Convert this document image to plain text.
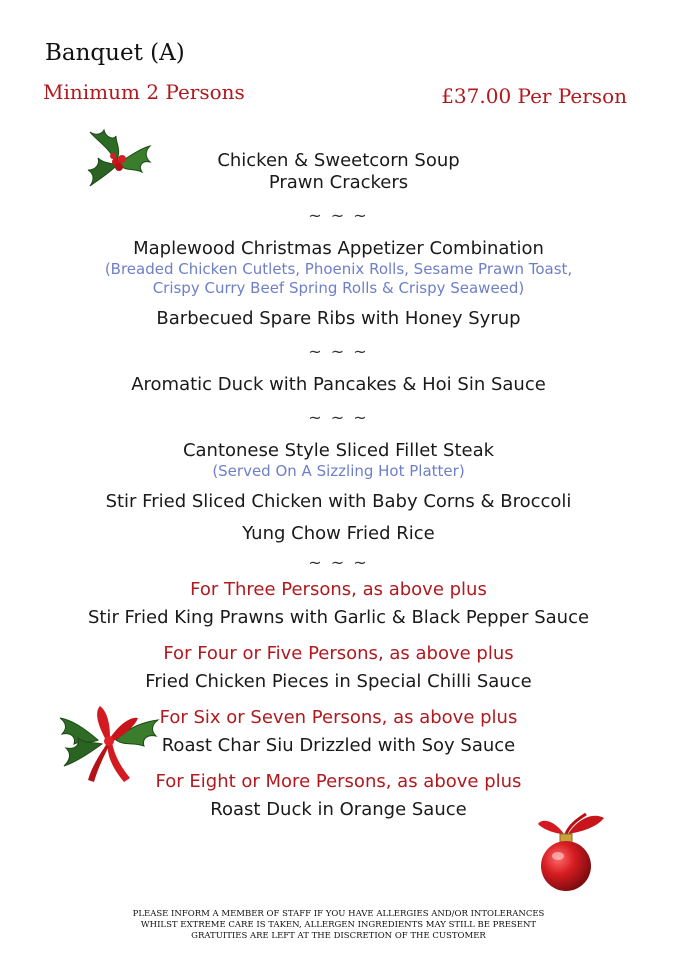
Banquet (A)
Minimum 2 Persons	£37.00 Per Person
Chicken & Sweetcorn Soup
Prawn Crackers
~ ~ ~
Maplewood Christmas Appetizer Combination
(Breaded Chicken Cutlets, Phoenix Rolls, Sesame Prawn Toast,
Crispy Curry Beef Spring Rolls & Crispy Seaweed)
Barbecued Spare Ribs with Honey Syrup
~ ~ ~
Aromatic Duck with Pancakes & Hoi Sin Sauce
~ ~ ~
Cantonese Style Sliced Fillet Steak
(Served On A Sizzling Hot Platter)
Stir Fried Sliced Chicken with Baby Corns & Broccoli
Yung Chow Fried Rice
~ ~ ~
For Three Persons, as above plus
Stir Fried King Prawns with Garlic & Black Pepper Sauce
For Four or Five Persons, as above plus
Fried Chicken Pieces in Special Chilli Sauce
For Six or Seven Persons, as above plus
Roast Char Siu Drizzled with Soy Sauce
For Eight or More Persons, as above plus
Roast Duck in Orange Sauce
PLEASE INFORM A MEMBER OF STAFF IF YOU HAVE ALLERGIES AND/OR INTOLERANCES
WHILST EXTREME CARE IS TAKEN, ALLERGEN INGREDIENTS MAY STILL BE PRESENT
GRATUITIES ARE LEFT AT THE DISCRETION OF THE CUSTOMER
